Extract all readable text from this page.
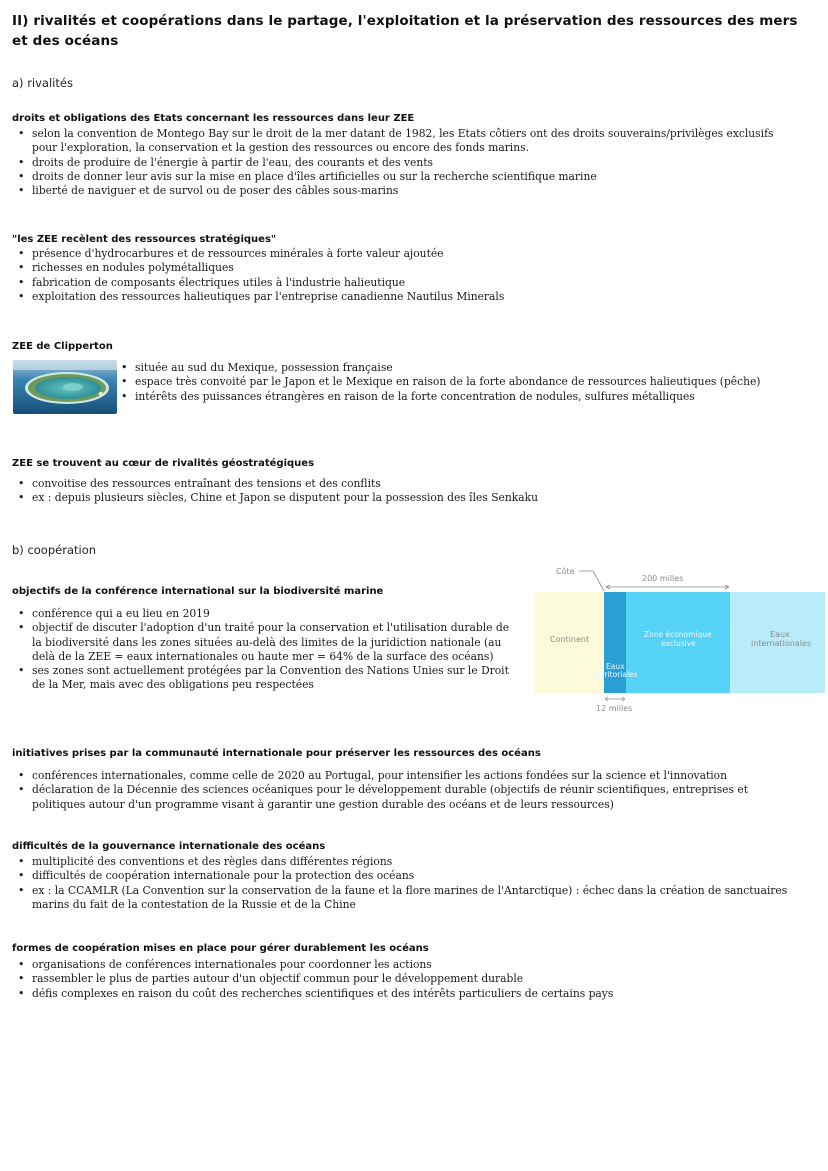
II) rivalités et coopérations dans le partage, l'exploitation et la préservation des ressources des mers et des océans
a) rivalités
droits et obligations des Etats concernant les ressources dans leur ZEE
• selon la convention de Montego Bay sur le droit de la mer datant de 1982, les Etats côtiers ont des droits souverains/privilèges exclusifs pour l'exploration, la conservation et la gestion des ressources ou encore des fonds marins.
• droits de produire de l'énergie à partir de l'eau, des courants et des vents
• droits de donner leur avis sur la mise en place d'îles artificielles ou sur la recherche scientifique marine
• liberté de naviguer et de survol ou de poser des câbles sous-marins
"les ZEE recèlent des ressources stratégiques"
• présence d'hydrocarbures et de ressources minérales à forte valeur ajoutée
• richesses en nodules polymétalliques
• fabrication de composants électriques utiles à l'industrie halieutique
• exploitation des ressources halieutiques par l'entreprise canadienne Nautilus Minerals
ZEE de Clipperton
• située au sud du Mexique, possession française
• espace très convoité par le Japon et le Mexique en raison de la forte abondance de ressources halieutiques (pêche)
• intérêts des puissances étrangères en raison de la forte concentration de nodules, sulfures métalliques
ZEE se trouvent au cœur de rivalités géostratégiques
• convoitise des ressources entraînant des tensions et des conflits
• ex : depuis plusieurs siècles, Chine et Japon se disputent pour la possession des îles Senkaku
b) coopération
objectifs de la conférence international sur la biodiversité marine
• conférence qui a eu lieu en 2019
• objectif de discuter l'adoption d'un traité pour la conservation et l'utilisation durable de la biodiversité dans les zones situées au-delà des limites de la juridiction nationale (au delà de la ZEE = eaux internationales ou haute mer = 64% de la surface des océans)
• ses zones sont actuellement protégées par la Convention des Nations Unies sur le Droit de la Mer, mais avec des obligations peu respectées
Côte
200 milles
Continent
Zone économique
exclusive
Eaux
internationales
Eaux
territoriales
12 milles
initiatives prises par la communauté internationale pour préserver les ressources des océans
• conférences internationales, comme celle de 2020 au Portugal, pour intensifier les actions fondées sur la science et l'innovation
• déclaration de la Décennie des sciences océaniques pour le développement durable (objectifs de réunir scientifiques, entreprises et politiques autour d'un programme visant à garantir une gestion durable des océans et de leurs ressources)
difficultés de la gouvernance internationale des océans
• multiplicité des conventions et des règles dans différentes régions
• difficultés de coopération internationale pour la protection des océans
• ex : la CCAMLR (La Convention sur la conservation de la faune et la flore marines de l'Antarctique) : échec dans la création de sanctuaires marins du fait de la contestation de la Russie et de la Chine
formes de coopération mises en place pour gérer durablement les océans
• organisations de conférences internationales pour coordonner les actions
• rassembler le plus de parties autour d'un objectif commun pour le développement durable
• défis complexes en raison du coût des recherches scientifiques et des intérêts particuliers de certains pays
